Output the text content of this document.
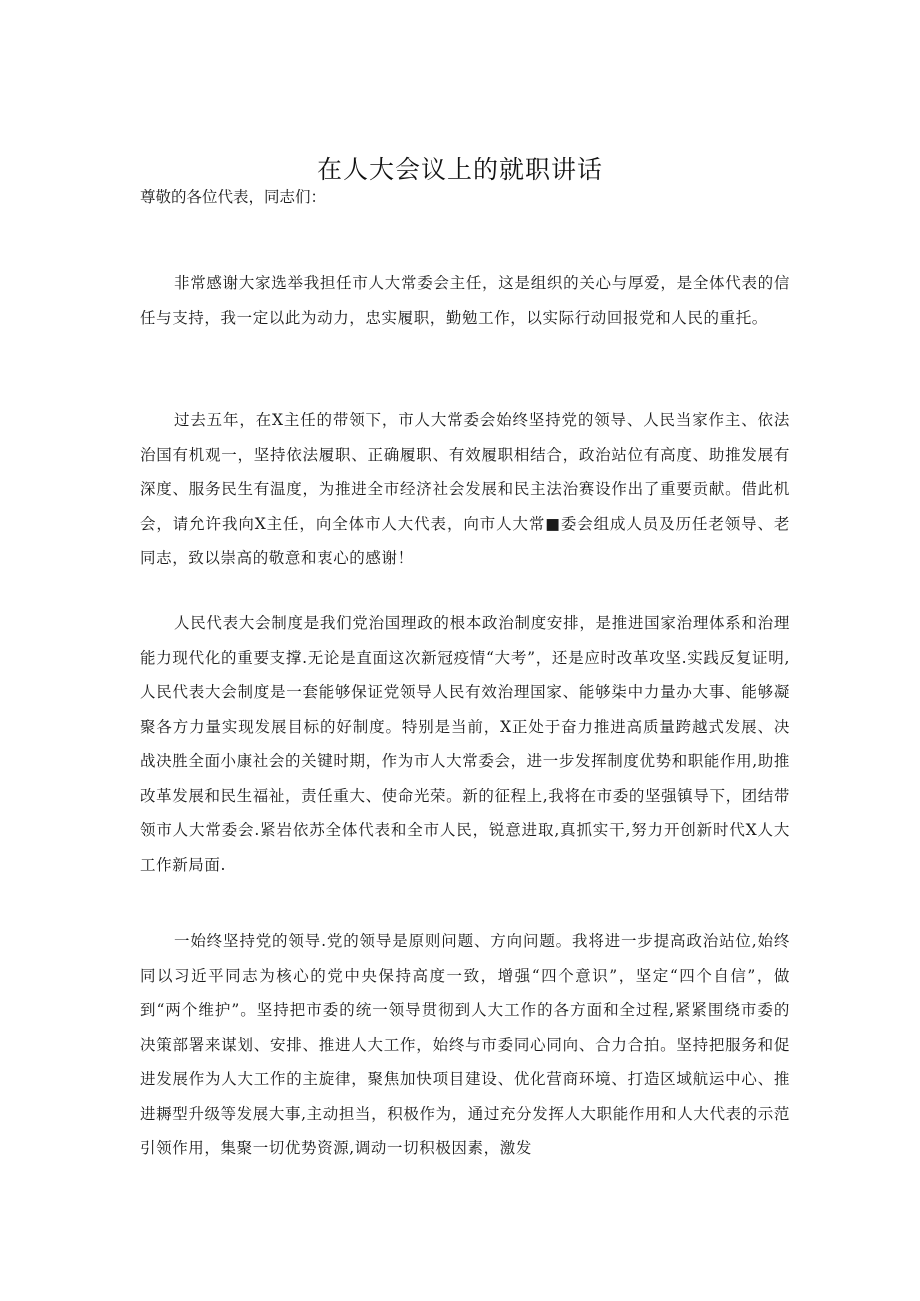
在人大会议上的就职讲话

尊敬的各位代表，同志们：

非常感谢大家选举我担任市人大常委会主任，这是组织的关心与厚爱，是全体代表的信任与支持，我一定以此为动力，忠实履职，勤勉工作，以实际行动回报党和人民的重托。

过去五年，在X主任的带领下，市人大常委会始终坚持党的领导、人民当家作主、依法治国有机观一，坚持依法履职、正确履职、有效履职相结合，政治站位有高度、助推发展有深度、服务民生有温度，为推进全市经济社会发展和民主法治赛设作出了重要贡献。借此机会，请允许我向X主任，向全体市人大代表，向市人大常■委会组成人员及历任老领导、老同志，致以崇高的敬意和衷心的感谢！

人民代表大会制度是我们党治国理政的根本政治制度安排，是推进国家治理体系和治理能力现代化的重要支撑.无论是直面这次新冠疫情“大考”，还是应时改革攻坚.实践反复证明,人民代表大会制度是一套能够保证党领导人民有效治理国家、能够柒中力量办大事、能够凝聚各方力量实现发展目标的好制度。特别是当前，X正处于奋力推进高质量跨越式发展、决战决胜全面小康社会的关键时期，作为市人大常委会，进一步发挥制度优势和职能作用,助推改革发展和民生福祉，责任重大、使命光荣。新的征程上,我将在市委的坚强镇导下，团结带领市人大常委会.紧岩依苏全体代表和全市人民，锐意进取,真抓实干,努力开创新时代X人大工作新局面.

一始终坚持党的领导.党的领导是原则问题、方向问题。我将进一步提高政治站位,始终同以习近平同志为核心的党中央保持高度一致，增强“四个意识”，坚定“四个自信”，做到“两个维护”。坚持把市委的统一领导贯彻到人大工作的各方面和全过程,紧紧围绕市委的决策部署来谋划、安排、推进人大工作，始终与市委同心同向、合力合拍。坚持把服务和促进发展作为人大工作的主旋律，聚焦加快项目建设、优化营商环境、打造区域航运中心、推进耨型升级等发展大事,主动担当，积极作为，通过充分发挥人大职能作用和人大代表的示范引领作用，集聚一切优势资源,调动一切积极因素，激发
